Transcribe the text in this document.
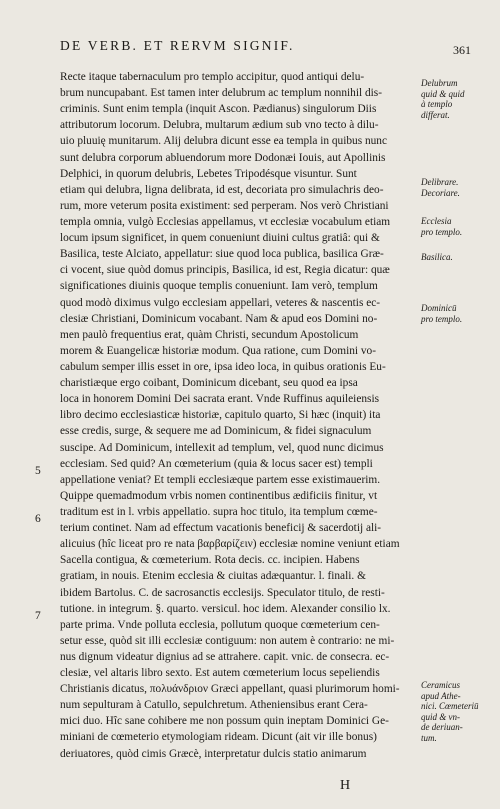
DE VERB. ET RERVM SIGNIF.	361
Recte itaque tabernaculum pro templo accipitur, quod antiqui delu-
brum nuncupabant. Est tamen inter delubrum ac templum nonnihil dis-
criminis. Sunt enim templa (inquit Ascon. Pædianus) singulorum Diis
attributorum locorum. Delubra, multarum ædium sub vno tecto à dilu-
uio pluuię munitarum. Alij delubra dicunt esse ea templa in quibus nunc
sunt delubra corporum abluendorum more Dodonæi Iouis, aut Apollinis
Delphici, in quorum delubris, Lebetes Tripodésque visuntur. Sunt
etiam qui delubra, ligna delibrata, id est, decoriata pro simulachris deo-
rum, more veterum posita existiment: sed perperam. Nos verò Christiani
templa omnia, vulgò Ecclesias appellamus, vt ecclesiæ vocabulum etiam
locum ipsum significet, in quem conueniunt diuini cultus gratiâ: qui &
Basilica, teste Alciato, appellatur: siue quod loca publica, basilica Græ-
ci vocent, siue quòd domus principis, Basilica, id est, Regia dicatur: quæ
significationes diuinis quoque templis conueniunt. Iam verò, templum
quod modò diximus vulgo ecclesiam appellari, veteres & nascentis ec-
clesiæ Christiani, Dominicum vocabant. Nam & apud eos Domini no-
men paulò frequentius erat, quàm Christi, secundum Apostolicum
morem & Euangelicæ historiæ modum. Qua ratione, cum Domini vo-
cabulum semper illis esset in ore, ipsa ideo loca, in quibus orationis Eu-
charistiæque ergo coibant, Dominicum dicebant, seu quod ea ipsa
loca in honorem Domini Dei sacrata erant. Vnde Ruffinus aquileiensis
libro decimo ecclesiasticæ historiæ, capitulo quarto, Si hæc (inquit) ita
esse credis, surge, & sequere me ad Dominicum, & fidei signaculum
suscipe. Ad Dominicum, intellexit ad templum, vel, quod nunc dicimus
ecclesiam. Sed quid? An cœmeterium (quia & locus sacer est) templi
appellatione veniat? Et templi ecclesiæque partem esse existimauerim.
Quippe quemadmodum vrbis nomen continentibus ædificiis finitur, vt
traditum est in l. vrbis appellatio. supra hoc titulo, ita templum cœme-
terium continet. Nam ad effectum vacationis beneficij & sacerdotij ali-
alicuius (hîc liceat pro re nata βαρβαρίζειν) ecclesiæ nomine veniunt etiam
Sacella contigua, & cœmeterium. Rota decis. cc. incipien. Habens
gratiam, in nouis. Etenim ecclesia & ciuitas adæquantur. l. finali. &
ibidem Bartolus. C. de sacrosanctis ecclesijs. Speculator titulo, de resti-
tutione. in integrum. §. quarto. versicul. hoc idem. Alexander consilio lx.
parte prima. Vnde polluta ecclesia, pollutum quoque cœmeterium cen-
setur esse, quòd sit illi ecclesiæ contiguum: non autem è contrario: ne mi-
nus dignum videatur dignius ad se attrahere. capit. vnic. de consecra. ec-
clesiæ, vel altaris libro sexto. Est autem cœmeterium locus sepeliendis
Christianis dicatus, πολυάνδριον Græci appellant, quasi plurimorum homi-
num sepulturam à Catullo, sepulchretum. Atheniensibus erant Cera-
mici duo. Hîc sane cohibere me non possum quin ineptam Dominici Ge-
miniani de cœmeterio etymologiam rideam. Dicunt (ait vir ille bonus)
deriuatores, quòd cimis Græcè, interpretatur dulcis statio animarum
Delubrum
quid & quid
à templo
differat.
Delibrare.
Decoriare.
Ecclesia
pro templo.
Basilica.
Dominicū
pro templo.
Ceramicus
apud Athe-
nici. Cœmeteriū
quid & vn-
de deriuan-
tum.
5
6
7
H
